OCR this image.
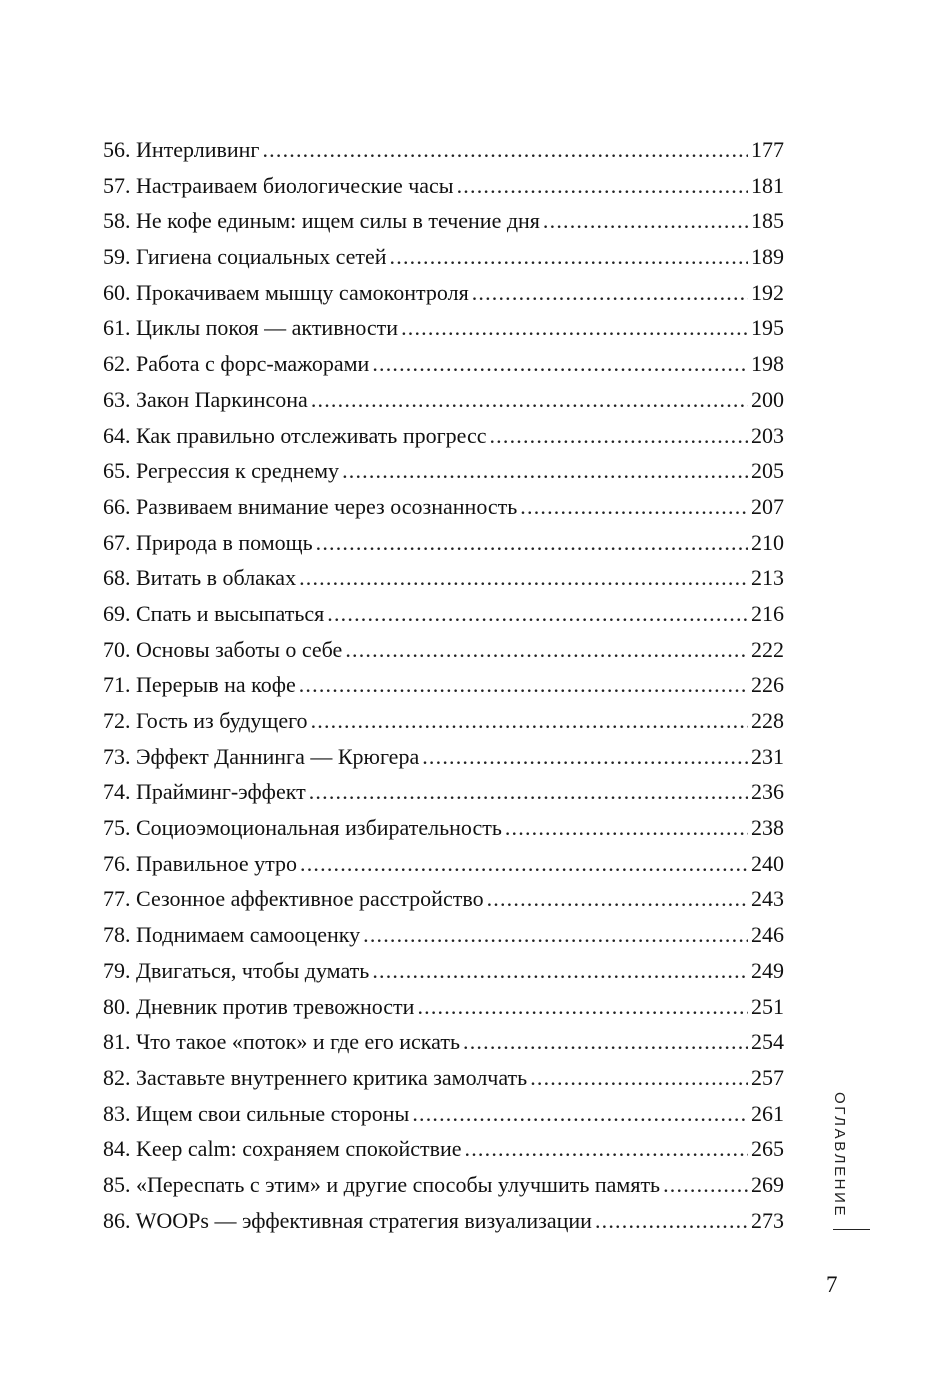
56. Интерливинг .....	177
57. Настраиваем биологические часы .....	181
58. Не кофе единым: ищем силы в течение дня .....	185
59. Гигиена социальных сетей .....	189
60. Прокачиваем мышцу самоконтроля .....	192
61. Циклы покоя — активности .....	195
62. Работа с форс-мажорами .....	198
63. Закон Паркинсона .....	200
64. Как правильно отслеживать прогресс .....	203
65. Регрессия к среднему .....	205
66. Развиваем внимание через осознанность .....	207
67. Природа в помощь .....	210
68. Витать в облаках .....	213
69. Спать и высыпаться .....	216
70. Основы заботы о себе .....	222
71. Перерыв на кофе .....	226
72. Гость из будущего .....	228
73. Эффект Даннинга — Крюгера .....	231
74. Прайминг-эффект .....	236
75. Социоэмоциональная избирательность .....	238
76. Правильное утро .....	240
77. Сезонное аффективное расстройство .....	243
78. Поднимаем самооценку .....	246
79. Двигаться, чтобы думать .....	249
80. Дневник против тревожности .....	251
81. Что такое «поток» и где его искать .....	254
82. Заставьте внутреннего критика замолчать .....	257
83. Ищем свои сильные стороны .....	261
84. Keep calm: сохраняем спокойствие .....	265
85. «Переспать с этим» и другие способы улучшить память .....	269
86. WOOPs — эффективная стратегия визуализации .....	273
ОГЛАВЛЕНИЕ
7
